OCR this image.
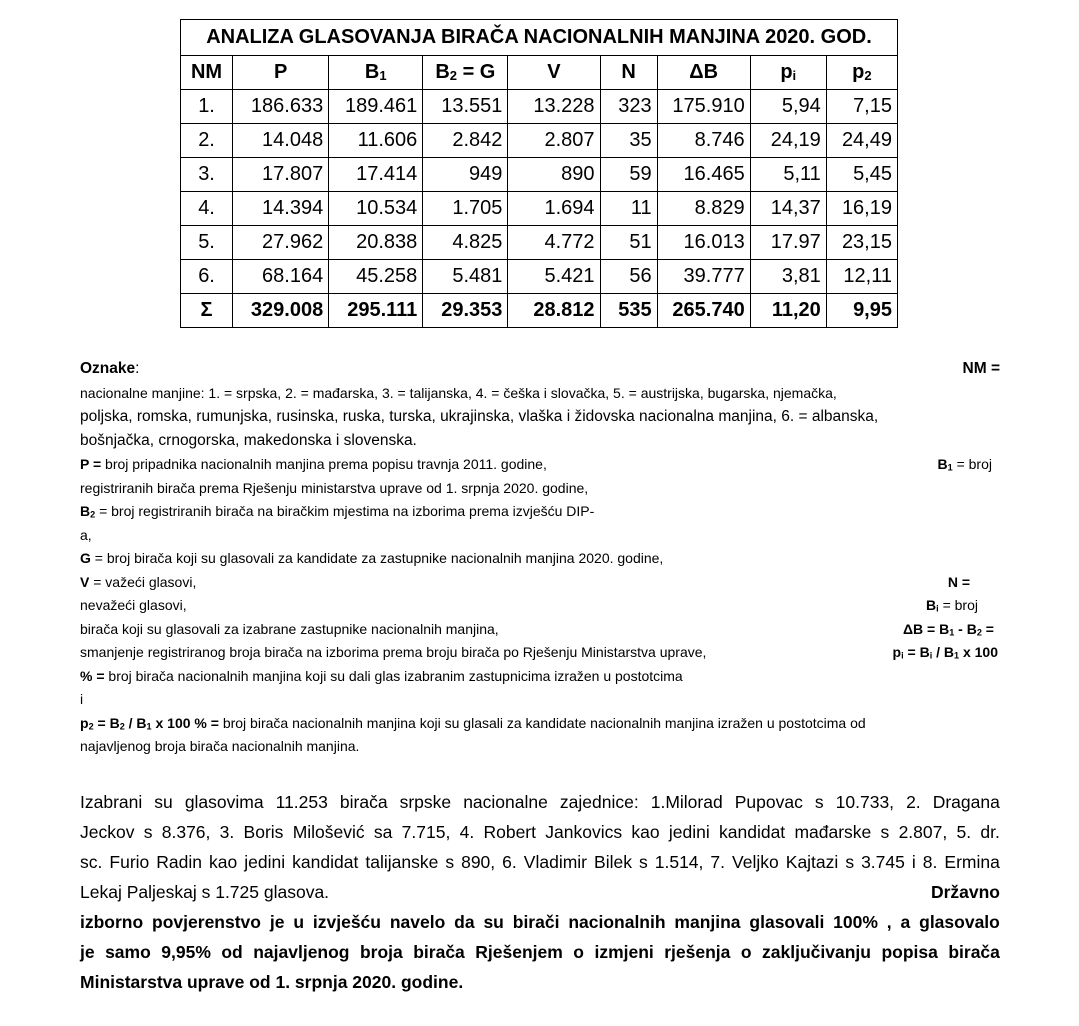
ANALIZA GLASOVANJA BIRAČA NACIONALNIH MANJINA 2020. GOD.								
NM	P	$B_1$	$B_2 = G$	V	N	ΔB	$p_i$	$p_2$
1.	186.633	189.461	13.551	13.228	323	175.910	5,94	7,15
2.	14.048	11.606	2.842	2.807	35	8.746	24,19	24,49
3.	17.807	17.414	949	890	59	16.465	5,11	5,45
4.	14.394	10.534	1.705	1.694	11	8.829	14,37	16,19
5.	27.962	20.838	4.825	4.772	51	16.013	17.97	23,15
6.	68.164	45.258	5.481	5.421	56	39.777	3,81	12,11
Σ	329.008	295.111	29.353	28.812	535	265.740	11,20	9,95
Oznake:	NM =
nacionalne manjine: 1. = srpska, 2. = mađarska, 3. = talijanska, 4. = češka i slovačka, 5. = austrijska, bugarska, njemačka,
poljska, romska, rumunjska, rusinska, ruska, turska, ukrajinska, vlaška i židovska nacionalna manjina, 6. = albanska,
bošnjačka, crnogorska, makedonska i slovenska.
P = broj pripadnika nacionalnih manjina prema popisu travnja 2011. godine,	$B_1$ = broj
registriranih birača prema Rješenju ministarstva uprave od 1. srpnja 2020. godine,
$B_2$ = broj registriranih birača na biračkim mjestima na izborima prema izvješću DIP-
a,
G = broj birača koji su glasovali za kandidate za zastupnike nacionalnih manjina 2020. godine,
V = važeći glasovi,	N =
nevažeći glasovi,	$B_i$ = broj
birača koji su glasovali za izabrane zastupnike nacionalnih manjina,	$\Delta B = B_1 - B_2$ =
smanjenje registriranog broja birača na izborima prema broju birača po Rješenju Ministarstva uprave,	$p_i = B_i / B_1$ x 100
% = broj birača nacionalnih manjina koji su dali glas izabranim zastupnicima izražen u postotcima
i
$p_2 = B_2 / B_1$ x 100 % = broj birača nacionalnih manjina koji su glasali za kandidate nacionalnih manjina izražen u postotcima od
najavljenog broja birača nacionalnih manjina.
Izabrani su glasovima 11.253 birača srpske nacionalne zajednice: 1.Milorad Pupovac s 10.733, 2. Dragana
Jeckov s 8.376, 3. Boris Milošević sa 7.715, 4. Robert Jankovics kao jedini kandidat mađarske s 2.807, 5. dr.
sc. Furio Radin kao jedini kandidat talijanske s 890, 6. Vladimir Bilek s 1.514, 7. Veljko Kajtazi s 3.745 i 8. Ermina
Lekaj Paljeskaj s 1.725 glasova.	Državno
izborno povjerenstvo je u izvješću navelo da su birači nacionalnih manjina glasovali 100% , a glasovalo
je samo 9,95% od najavljenog broja birača Rješenjem o izmjeni rješenja o zaključivanju popisa birača
Ministarstva uprave od 1. srpnja 2020. godine.
